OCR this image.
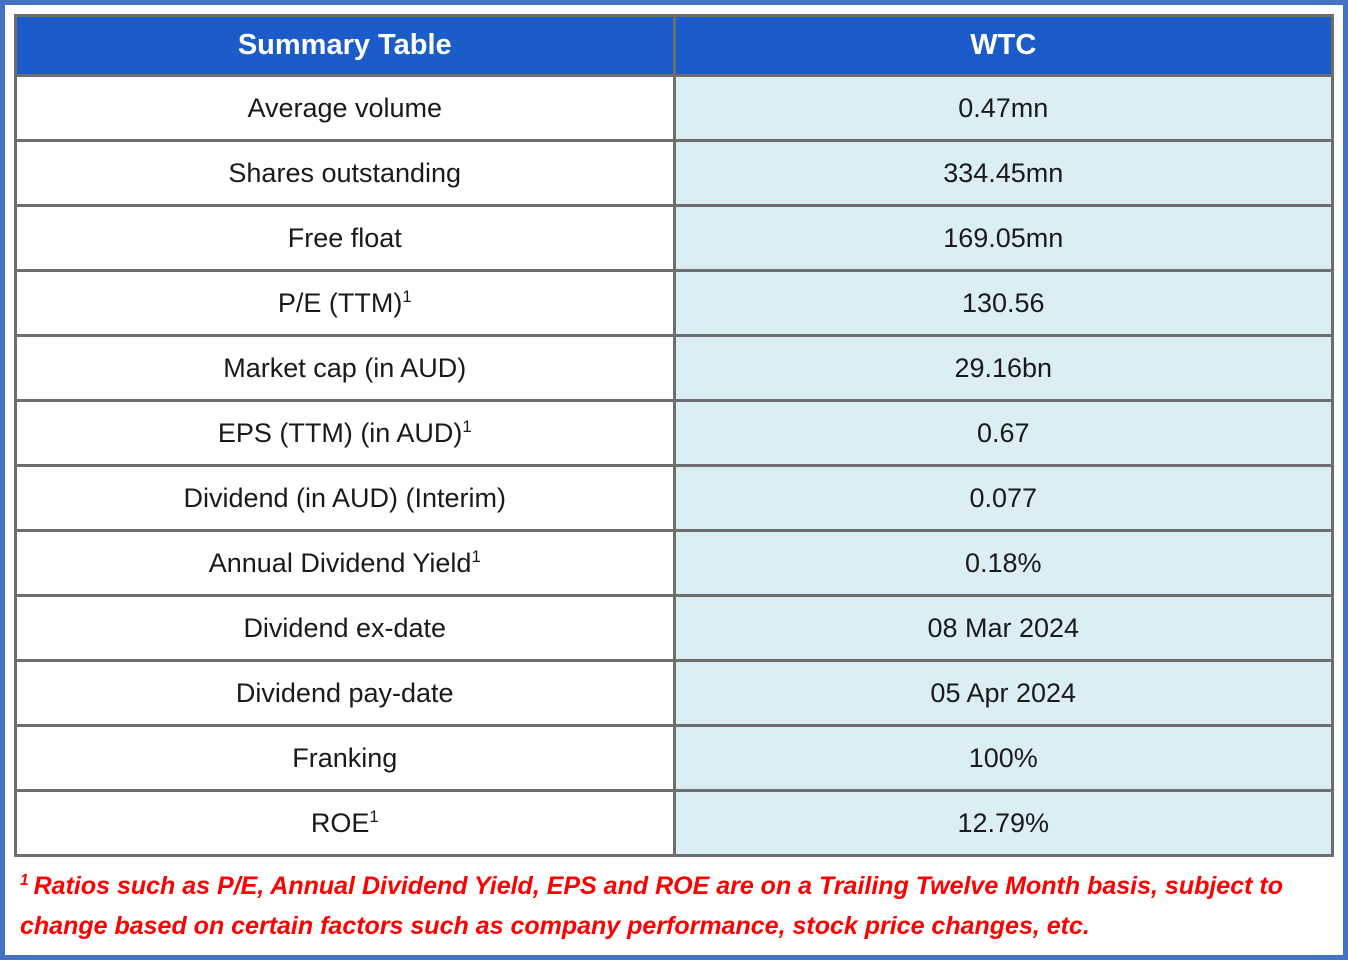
Summary Table	WTC
Average volume	0.47mn
Shares outstanding	334.45mn
Free float	169.05mn
P/E (TTM)$^1$	130.56
Market cap (in AUD)	29.16bn
EPS (TTM) (in AUD)$^1$	0.67
Dividend (in AUD) (Interim)	0.077
Annual Dividend Yield$^1$	0.18%
Dividend ex-date	08 Mar 2024
Dividend pay-date	05 Apr 2024
Franking	100%
ROE$^1$	12.79%
$^1$ Ratios such as P/E, Annual Dividend Yield, EPS and ROE are on a Trailing Twelve Month basis, subject to change based on certain factors such as company performance, stock price changes, etc.
